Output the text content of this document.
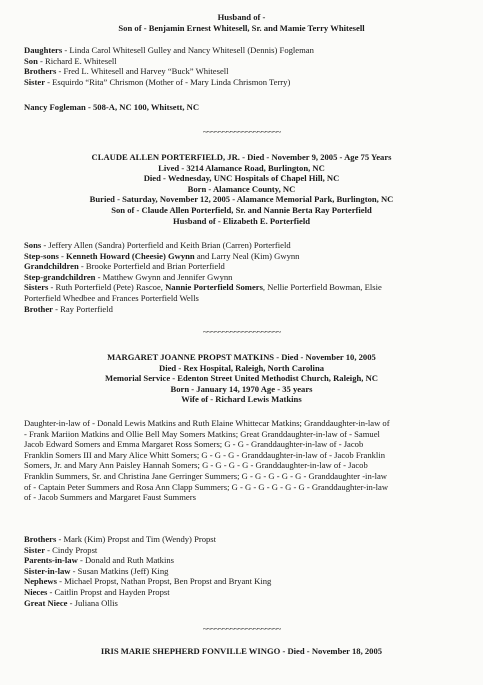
Husband of -
Son of - Benjamin Ernest Whitesell, Sr. and Mamie Terry Whitesell
Daughters - Linda Carol Whitesell Gulley and Nancy Whitesell (Dennis) Fogleman
Son - Richard E. Whitesell
Brothers - Fred L. Whitesell and Harvey “Buck” Whitesell
Sister - Esquirdo “Rita” Chrismon (Mother of - Mary Linda Chrismon Terry)
Nancy Fogleman - 508-A, NC 100, Whitsett, NC
~~~~~~~~~~~~~~~~~~~~
CLAUDE ALLEN PORTERFIELD, JR. - Died - November 9, 2005 - Age 75 Years
Lived - 3214 Alamance Road, Burlington, NC
Died - Wednesday, UNC Hospitals of Chapel Hill, NC
Born - Alamance County, NC
Buried - Saturday, November 12, 2005 - Alamance Memorial Park, Burlington, NC
Son of - Claude Allen Porterfield, Sr. and Nannie Berta Ray Porterfield
Husband of - Elizabeth E. Porterfield
Sons - Jeffery Allen (Sandra) Porterfield and Keith Brian (Carren) Porterfield
Step-sons - Kenneth Howard (Cheesie) Gwynn and Larry Neal (Kim) Gwynn
Grandchildren - Brooke Porterfield and Brian Porterfield
Step-grandchildren - Matthew Gwynn and Jennifer Gwynn
Sisters - Ruth Porterfield (Pete) Rascoe, Nannie Porterfield Somers, Nellie Porterfield Bowman, Elsie
Porterfield Whedbee and Frances Porterfield Wells
Brother - Ray Porterfield
~~~~~~~~~~~~~~~~~~~~
MARGARET JOANNE PROPST MATKINS - Died - November 10, 2005
Died - Rex Hospital, Raleigh, North Carolina
Memorial Service - Edenton Street United Methodist Church, Raleigh, NC
Born - January 14, 1970 Age - 35 years
Wife of - Richard Lewis Matkins
Daughter-in-law of - Donald Lewis Matkins and Ruth Elaine Whittecar Matkins; Granddaughter-in-law of
- Frank Mariion Matkins and Ollie Bell May Somers Matkins; Great Granddaughter-in-law of - Samuel
Jacob Edward Somers and Emma Margaret Ross Somers; G - G - Granddaughter-in-law of - Jacob
Franklin Somers III and Mary Alice Whitt Somers; G - G - G - Granddaughter-in-law of - Jacob Franklin
Somers, Jr. and Mary Ann Paisley Hannah Somers; G - G - G - G - Granddaughter-in-law of - Jacob
Franklin Summers, Sr. and Christina Jane Gerringer Summers; G - G - G - G - G - Granddaughter -in-law
of - Captain Peter Summers and Rosa Ann Clapp Summers; G - G - G - G - G - G - Granddaughter-in-law
of - Jacob Summers and Margaret Faust Summers
Brothers - Mark (Kim) Propst and Tim (Wendy) Propst
Sister - Cindy Propst
Parents-in-law - Donald and Ruth Matkins
Sister-in-law - Susan Matkins (Jeff) King
Nephews - Michael Propst, Nathan Propst, Ben Propst and Bryant King
Nieces - Caitlin Propst and Hayden Propst
Great Niece - Juliana Ollis
~~~~~~~~~~~~~~~~~~~~
IRIS MARIE SHEPHERD FONVILLE WINGO - Died - November 18, 2005
